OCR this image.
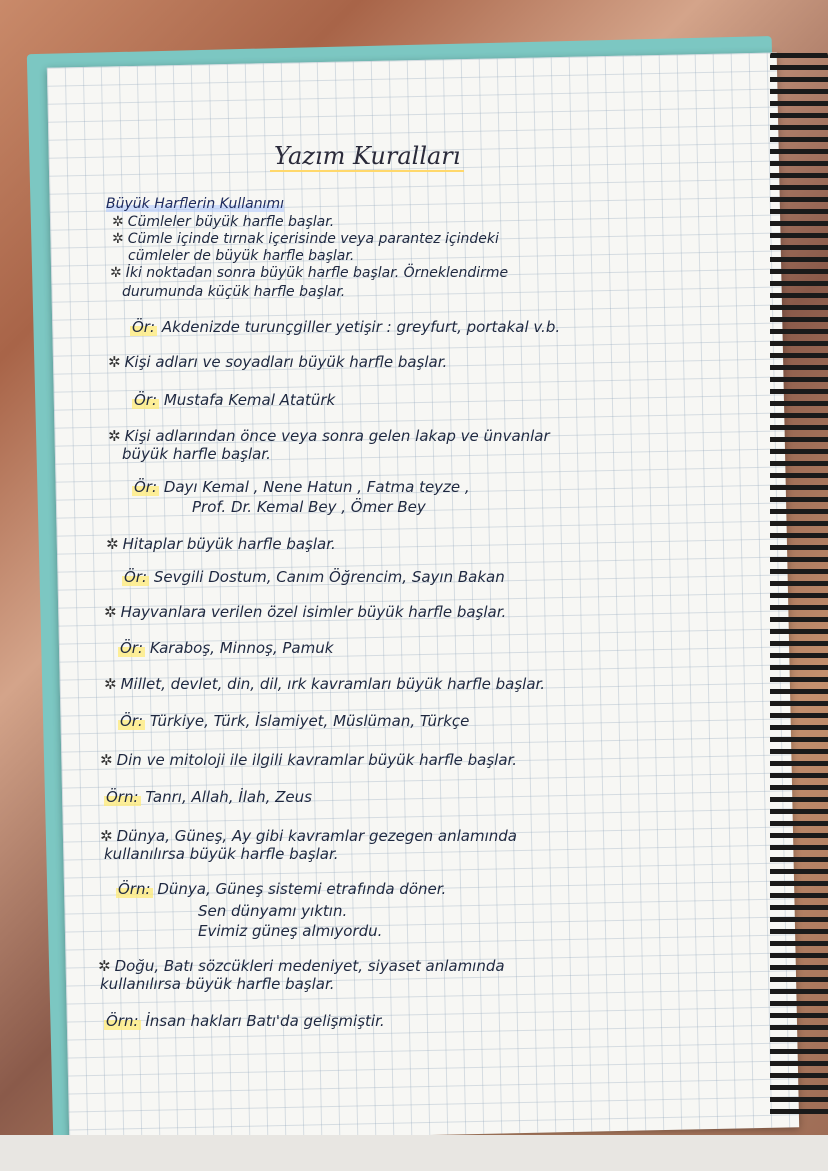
Yazım Kuralları
Büyük Harflerin Kullanımı
✲ Cümleler büyük harfle başlar.
✲ Cümle içinde tırnak içerisinde veya parantez içindeki
cümleler de büyük harfle başlar.
✲ İki noktadan sonra büyük harfle başlar. Örneklendirme
durumunda küçük harfle başlar.
Ör: Akdenizde turunçgiller yetişir : greyfurt, portakal v.b.
✲ Kişi adları ve soyadları büyük harfle başlar.
Ör: Mustafa Kemal Atatürk
✲ Kişi adlarından önce veya sonra gelen lakap ve ünvanlar
büyük harfle başlar.
Ör: Dayı Kemal , Nene Hatun , Fatma teyze ,
Prof. Dr. Kemal Bey , Ömer Bey
✲ Hitaplar büyük harfle başlar.
Ör: Sevgili Dostum, Canım Öğrencim, Sayın Bakan
✲ Hayvanlara verilen özel isimler büyük harfle başlar.
Ör: Karaboş, Minnoş, Pamuk
✲ Millet, devlet, din, dil, ırk kavramları büyük harfle başlar.
Ör: Türkiye, Türk, İslamiyet, Müslüman, Türkçe
✲ Din ve mitoloji ile ilgili kavramlar büyük harfle başlar.
Örn: Tanrı, Allah, İlah, Zeus
✲ Dünya, Güneş, Ay gibi kavramlar gezegen anlamında
kullanılırsa büyük harfle başlar.
Örn: Dünya, Güneş sistemi etrafında döner.
Sen dünyamı yıktın.
Evimiz güneş almıyordu.
✲ Doğu, Batı sözcükleri medeniyet, siyaset anlamında
kullanılırsa büyük harfle başlar.
Örn: İnsan hakları Batı'da gelişmiştir.
